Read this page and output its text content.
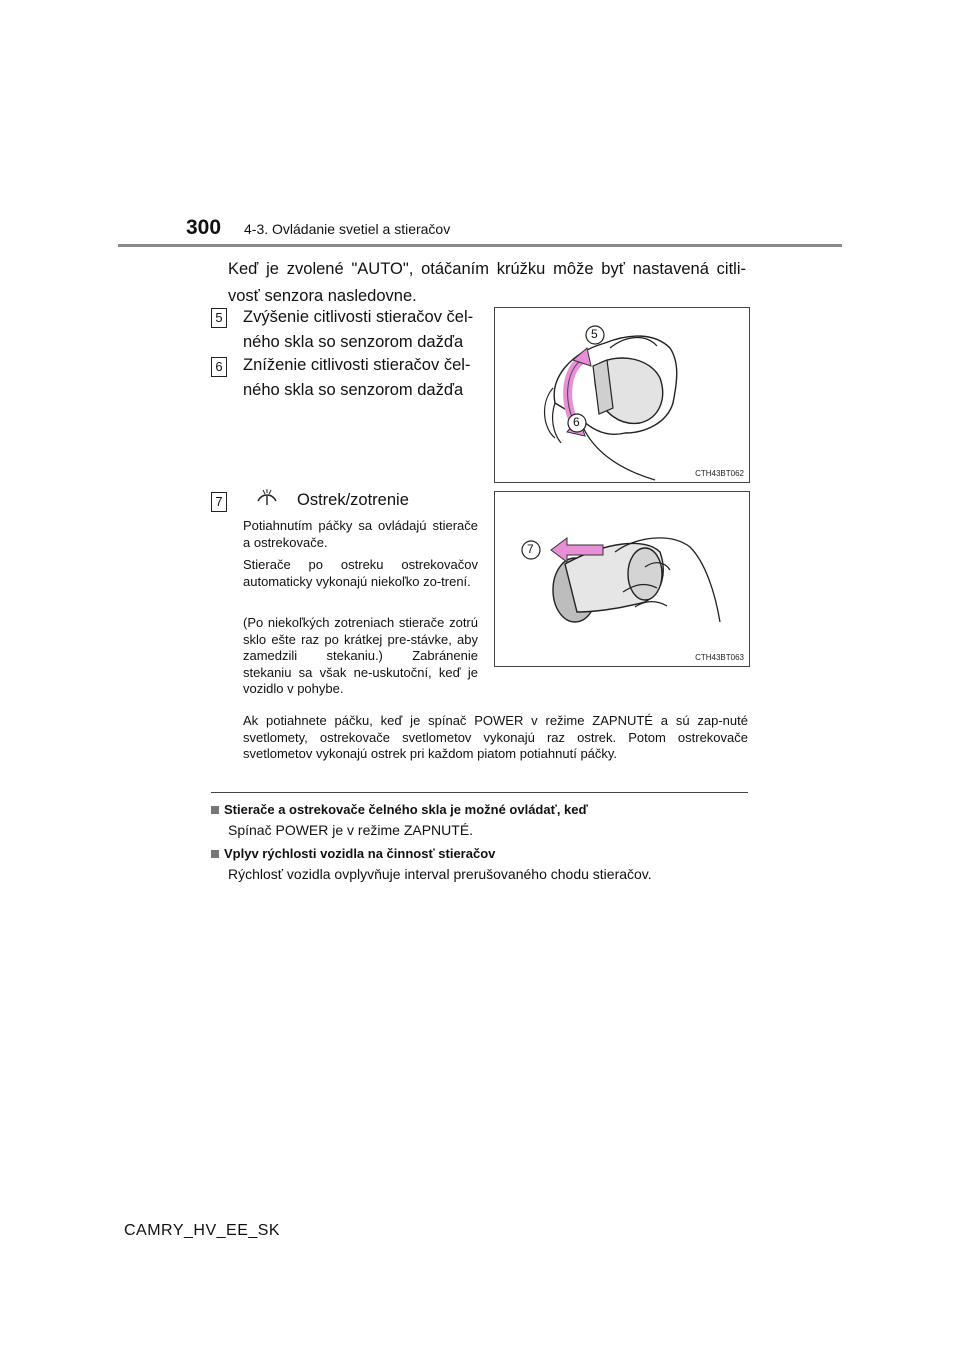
300 4-3. Ovládanie svetiel a stieračov
Keď je zvolené "AUTO", otáčaním krúžku môže byť nastavená citli-vosť senzora nasledovne.
5 Zvýšenie citlivosti stieračov čel-ného skla so senzorom dažďa
6 Zníženie citlivosti stieračov čel-ného skla so senzorom dažďa
5
6
CTH43BT062
7	Ostrek/zotrenie
Potiahnutím páčky sa ovládajú stierače a ostrekovače.
Stierače po ostreku ostrekovačov automaticky vykonajú niekoľko zo-trení.
(Po niekoľkých zotreniach stierače zotrú sklo ešte raz po krátkej pre-stávke, aby zamedzili stekaniu.) Zabránenie stekaniu sa však ne-uskutoční, keď je vozidlo v pohybe.
7
CTH43BT063
Ak potiahnete páčku, keď je spínač POWER v režime ZAPNUTÉ a sú zap-nuté svetlomety, ostrekovače svetlometov vykonajú raz ostrek. Potom ostrekovače svetlometov vykonajú ostrek pri každom piatom potiahnutí páčky.
Stierače a ostrekovače čelného skla je možné ovládať, keď
Spínač POWER je v režime ZAPNUTÉ.
Vplyv rýchlosti vozidla na činnosť stieračov
Rýchlosť vozidla ovplyvňuje interval prerušovaného chodu stieračov.
CAMRY_HV_EE_SK
